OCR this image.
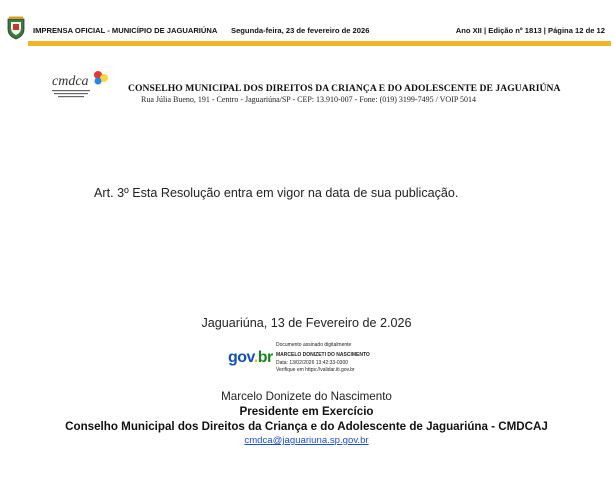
IMPRENSA OFICIAL - MUNICÍPIO DE JAGUARIÚNA Segunda-feira, 23 de fevereiro de 2026	Ano XII | Edição nº 1813 | Página 12 de 12
cmdca	CONSELHO MUNICIPAL DOS DIREITOS DA CRIANÇA E DO ADOLESCENTE DE JAGUARIÚNA
Rua Júlia Bueno, 191 - Centro - Jaguariúna/SP - CEP: 13.910-007 - Fone: (019) 3199-7495 / VOIP 5014
Art. 3º Esta Resolução entra em vigor na data de sua publicação.
Jaguariúna, 13 de Fevereiro de 2.026
gov.br
Documento assinado digitalmente
MARCELO DONIZETI DO NASCIMENTO
Data: 13/02/2026 13:42:33-0300
Verifique em https://validar.iti.gov.br
Marcelo Donizete do Nascimento
Presidente em Exercício
Conselho Municipal dos Direitos da Criança e do Adolescente de Jaguariúna - CMDCAJ
cmdca@jaguariuna.sp.gov.br
